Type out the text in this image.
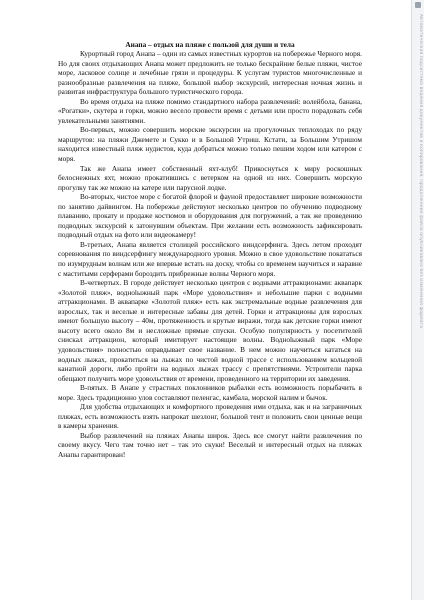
Анапа – отдых на пляже с пользой для души и тела

Курортный город Анапа – один из самых известных курортов на побережье Черного моря. Но для своих отдыхающих Анапа может предложить не только бескрайние белые пляжи, чистое море, ласковое солнце и лечебные грязи и процедуры. К услугам туристов многочисленные и разнообразные развлечения на пляже, большой выбор экскурсий, интересная ночная жизнь и развитая инфраструктура большого туристического города.

Во время отдыха на пляже помимо стандартного набора развлечений: волейбола, банана, «Рогатки», скутера и горки, можно весело провести время с детьми или просто порадовать себя увлекательными занятиями.

Во-первых, можно совершить морские экскурсии на прогулочных теплоходах по ряду маршрутов: на пляжи Джемете и Сукко и в Большой Утриш. Кстати, за Большим Утришом находится известный пляж нудистов, куда добраться можно только пешим ходом или катером с моря.

Так же Анапа имеет собственный яхт-клуб! Прикоснуться к миру роскошных белоснежных яхт, можно прокатившись с ветерком на одной из них. Совершить морскую прогулку так же можно на катере или парусной лодке.

Во-вторых, чистое море с богатой флорой и фауной предоставляет широкие возможности по занятию дайвингом. На побережье действуют несколько центров по обучению подводному плаванию, прокату и продаже костюмов и оборудования для погружений, а так же проведению подводных экскурсий к затонувшим объектам. При желании есть возможность зафиксировать подводный отдых на фото или видеокамеру!

В-третьих, Анапа является столицей российского виндсерфинга. Здесь летом проходят соревнования по виндсерфингу международного уровня. Можно в свое удовольствие покататься по изумрудным волнам или же впервые встать на доску, чтобы со временем научиться и наравне с маститыми серферами бороздить прибрежные волны Черного моря.

В-четвертых. В городе действует несколько центров с водными аттракционами: аквапарк «Золотой пляж», водноlыжный парк «Море удовольствия» и небольшие парки с водными аттракционами. В аквапарке «Золотой пляж» есть как экстремальные водные развлечения для взрослых, так и веселые и интересные забавы для детей. Горки и аттракционы для взрослых имеют большую высоту – 40м, протяженность и крутые виражи, тогда как детские горки имеют высоту всего около 8м и несложные прямые спуски. Особую популярность у посетителей снискал аттракцион, который имитирует настоящие волны. Водноlыжный парк «Море удовольствия» полностью оправдывает свое название. В нем можно научиться кататься на водных лыжах, прокатиться на лыжах по чистой водной трассе с использованием кольцевой канатной дороги, либо пройти на водных лыжах трассу с препятствиями. Устроители парка обещают получить море удовольствия от времени, проведенного на территории их заведения.

В-пятых. В Анапе у страстных поклонников рыбалки есть возможность порыбачить в море. Здесь традиционно улов составляют пеленгас, камбала, морской налим и бычок.

Для удобства отдыхающих и комфортного проведения ими отдыха, как и на заграничных пляжах, есть возможность взять напрокат шезлонг, большой тент и положить свои ценные вещи в камеры хранения.

Выбор развлечений на пляжах Анапы широк. Здесь все смогут найти развлечения по своему вкусу. Чего там точно нет – так это скуки! Веселый и интересный отдых на пляжах Анапы гарантирован!

Автоматическая подсистема ведения документов и копирования. Продолжение файла опубликовано без изменения формата
